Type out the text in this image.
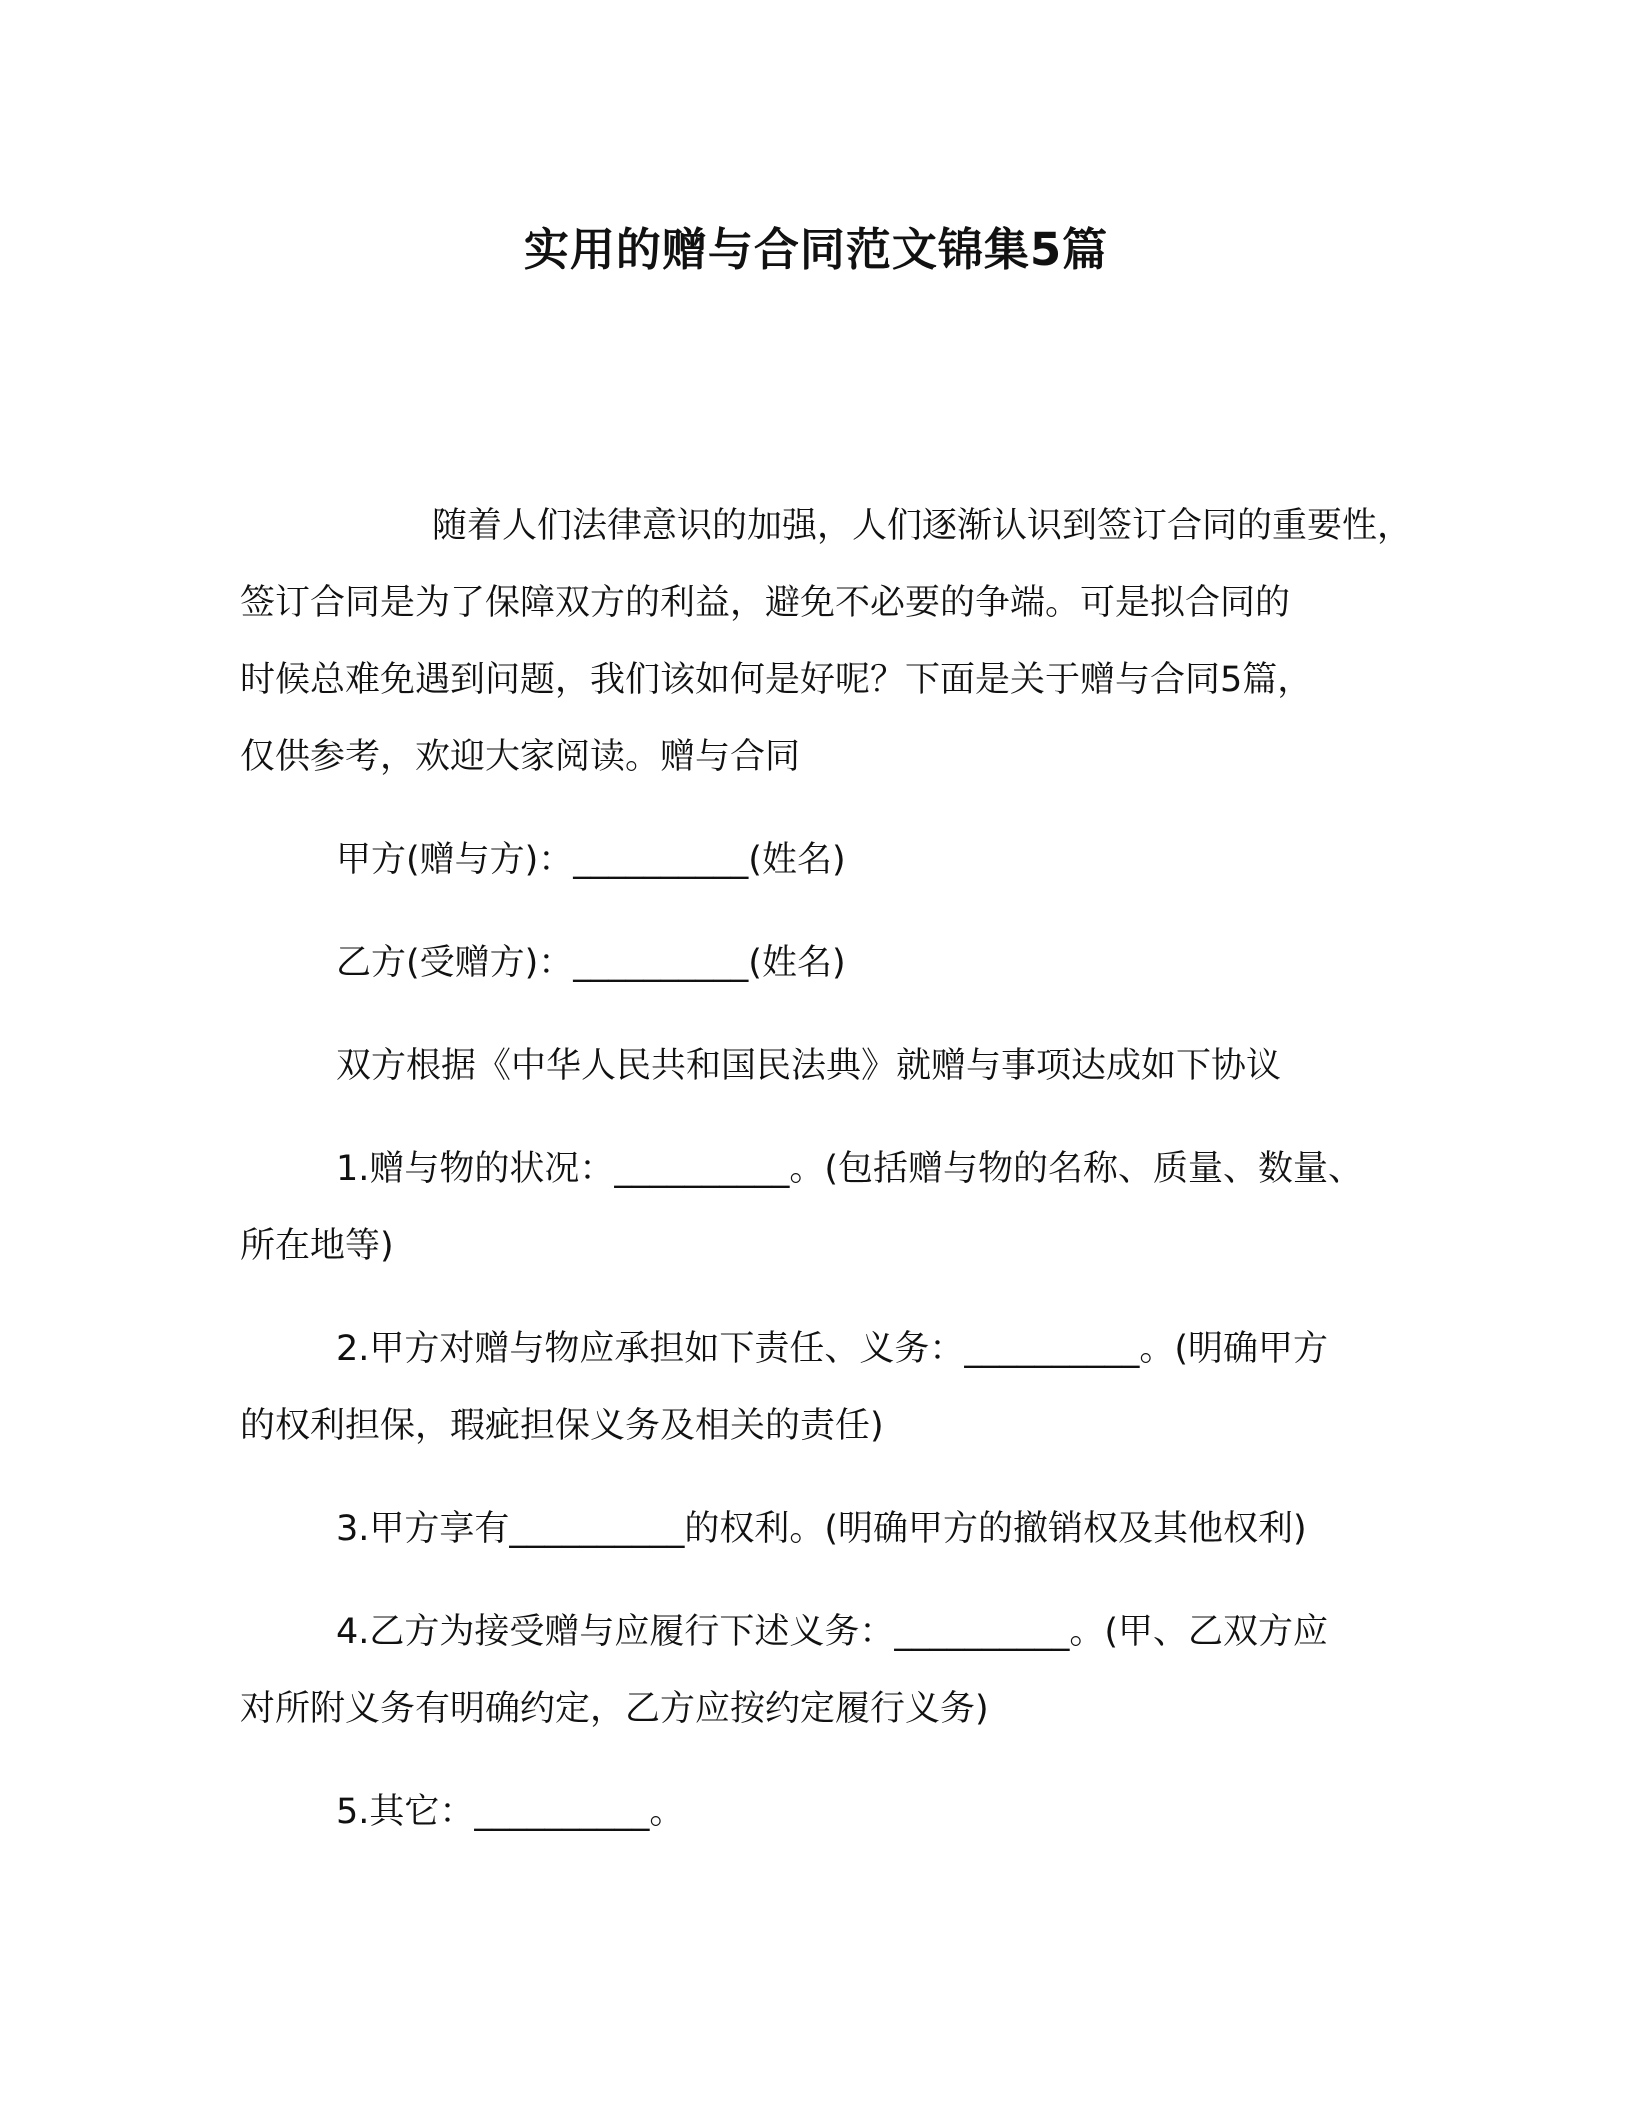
实用的赠与合同范文锦集5篇

随着人们法律意识的加强，人们逐渐认识到签订合同的重要性，
签订合同是为了保障双方的利益，避免不必要的争端。可是拟合同的
时候总难免遇到问题，我们该如何是好呢？下面是关于赠与合同5篇，
仅供参考，欢迎大家阅读。赠与合同

甲方(赠与方)：__________(姓名)

乙方(受赠方)：__________(姓名)

双方根据《中华人民共和国民法典》就赠与事项达成如下协议

1.赠与物的状况：__________。(包括赠与物的名称、质量、数量、
所在地等)

2.甲方对赠与物应承担如下责任、义务：__________。(明确甲方
的权利担保，瑕疵担保义务及相关的责任)

3.甲方享有__________的权利。(明确甲方的撤销权及其他权利)

4.乙方为接受赠与应履行下述义务：__________。(甲、乙双方应
对所附义务有明确约定，乙方应按约定履行义务)

5.其它：__________。
